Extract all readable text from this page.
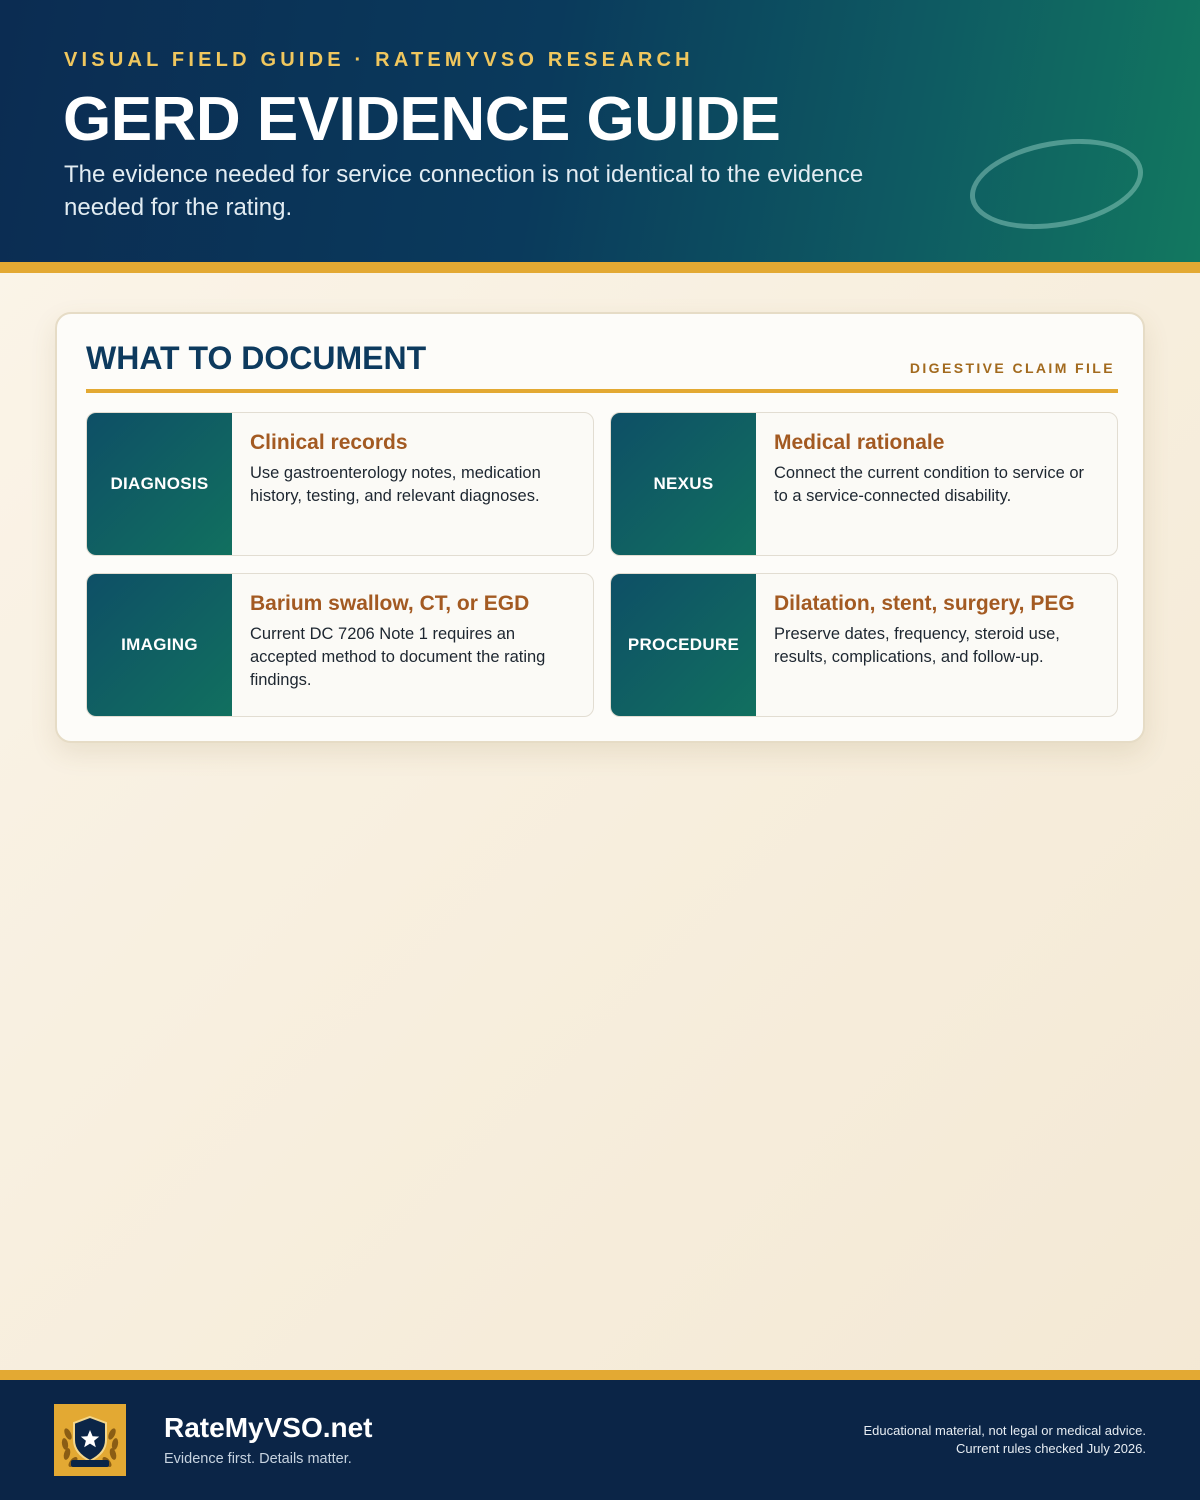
VISUAL FIELD GUIDE · RATEMYVSO RESEARCH
GERD EVIDENCE GUIDE

The evidence needed for service connection is not identical to the evidence needed for the rating.

WHAT TO DOCUMENT	DIGESTIVE CLAIM FILE
DIAGNOSIS
Clinical records
Use gastroenterology notes, medication history, testing, and relevant diagnoses.
NEXUS
Medical rationale
Connect the current condition to service or to a service-connected disability.
IMAGING
Barium swallow, CT, or EGD
Current DC 7206 Note 1 requires an accepted method to document the rating findings.
PROCEDURE
Dilatation, stent, surgery, PEG
Preserve dates, frequency, steroid use, results, complications, and follow-up.
RateMyVSO.net
Evidence first. Details matter.
Educational material, not legal or medical advice.
Current rules checked July 2026.
